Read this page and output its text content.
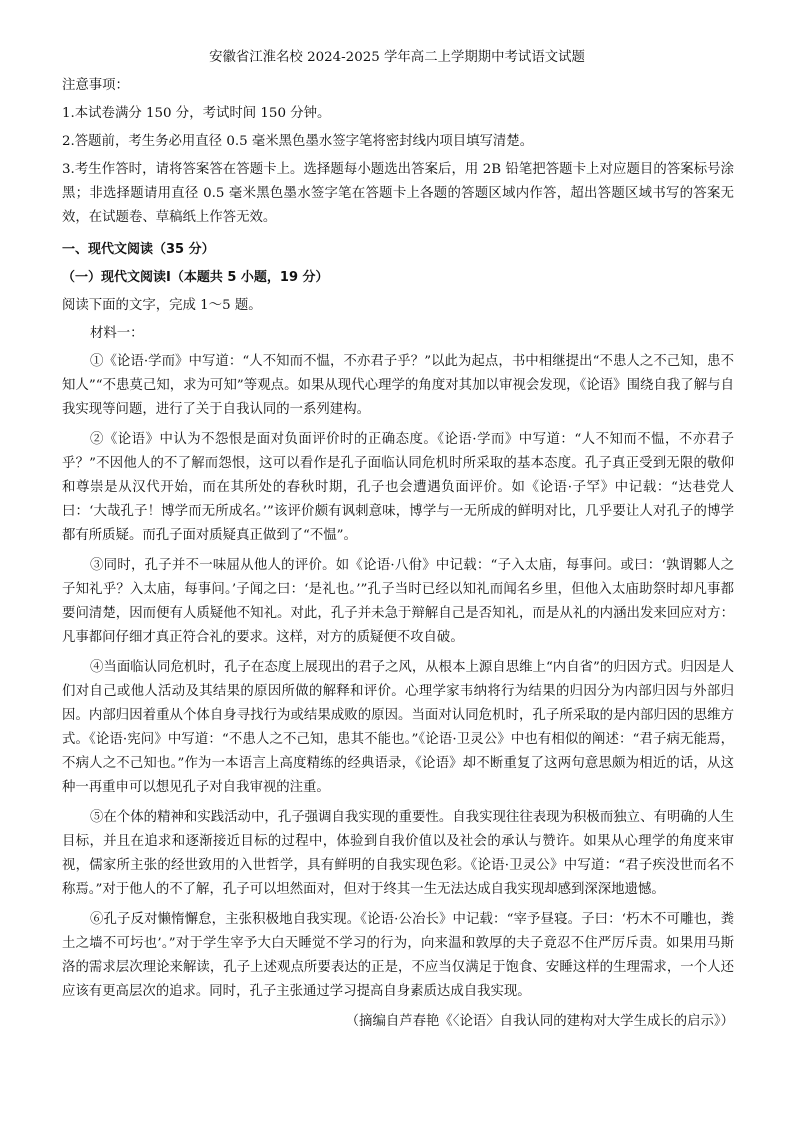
安徽省江淮名校 2024-2025 学年高二上学期期中考试语文试题

注意事项：

1.本试卷满分 150 分，考试时间 150 分钟。

2.答题前，考生务必用直径 0.5 毫米黑色墨水签字笔将密封线内项目填写清楚。

3.考生作答时，请将答案答在答题卡上。选择题每小题选出答案后，用 2B 铅笔把答题卡上对应题目的答案标号涂黑；非选择题请用直径 0.5 毫米黑色墨水签字笔在答题卡上各题的答题区域内作答，超出答题区域书写的答案无效，在试题卷、草稿纸上作答无效。

一、现代文阅读（35 分）

（一）现代文阅读Ⅰ（本题共 5 小题，19 分）

阅读下面的文字，完成 1～5 题。

材料一：

①《论语·学而》中写道：“人不知而不愠，不亦君子乎？”以此为起点，书中相继提出“不患人之不己知，患不知人”“不患莫己知，求为可知”等观点。如果从现代心理学的角度对其加以审视会发现，《论语》围绕自我了解与自我实现等问题，进行了关于自我认同的一系列建构。

②《论语》中认为不怨恨是面对负面评价时的正确态度。《论语·学而》中写道：“人不知而不愠，不亦君子乎？”不因他人的不了解而怨恨，这可以看作是孔子面临认同危机时所采取的基本态度。孔子真正受到无限的敬仰和尊崇是从汉代开始，而在其所处的春秋时期，孔子也会遭遇负面评价。如《论语·子罕》中记载：“达巷党人曰：‘大哉孔子！博学而无所成名。’”该评价颇有讽刺意味，博学与一无所成的鲜明对比，几乎要让人对孔子的博学都有所质疑。而孔子面对质疑真正做到了“不愠”。

③同时，孔子并不一味屈从他人的评价。如《论语·八佾》中记载：“子入太庙，每事问。或曰：‘孰谓鄹人之子知礼乎？入太庙，每事问。’子闻之曰：‘是礼也。’”孔子当时已经以知礼而闻名乡里，但他入太庙助祭时却凡事都要问清楚，因而便有人质疑他不知礼。对此，孔子并未急于辩解自己是否知礼，而是从礼的内涵出发来回应对方：凡事都问仔细才真正符合礼的要求。这样，对方的质疑便不攻自破。

④当面临认同危机时，孔子在态度上展现出的君子之风，从根本上源自思维上“内自省”的归因方式。归因是人们对自己或他人活动及其结果的原因所做的解释和评价。心理学家韦纳将行为结果的归因分为内部归因与外部归因。内部归因着重从个体自身寻找行为或结果成败的原因。当面对认同危机时，孔子所采取的是内部归因的思维方式。《论语·宪问》中写道：“不患人之不己知，患其不能也。”《论语·卫灵公》中也有相似的阐述：“君子病无能焉，不病人之不己知也。”作为一本语言上高度精练的经典语录，《论语》却不断重复了这两句意思颇为相近的话，从这种一再重申可以想见孔子对自我审视的注重。

⑤在个体的精神和实践活动中，孔子强调自我实现的重要性。自我实现往往表现为积极而独立、有明确的人生目标，并且在追求和逐渐接近目标的过程中，体验到自我价值以及社会的承认与赞许。如果从心理学的角度来审视，儒家所主张的经世致用的入世哲学，具有鲜明的自我实现色彩。《论语·卫灵公》中写道：“君子疾没世而名不称焉。”对于他人的不了解，孔子可以坦然面对，但对于终其一生无法达成自我实现却感到深深地遗憾。

⑥孔子反对懒惰懈怠，主张积极地自我实现。《论语·公冶长》中记载：“宰予昼寝。子曰：‘朽木不可雕也，粪土之墙不可圬也’。”对于学生宰予大白天睡觉不学习的行为，向来温和敦厚的夫子竟忍不住严厉斥责。如果用马斯洛的需求层次理论来解读，孔子上述观点所要表达的正是，不应当仅满足于饱食、安睡这样的生理需求，一个人还应该有更高层次的追求。同时，孔子主张通过学习提高自身素质达成自我实现。

（摘编自芦春艳《〈论语〉自我认同的建构对大学生成长的启示》）
